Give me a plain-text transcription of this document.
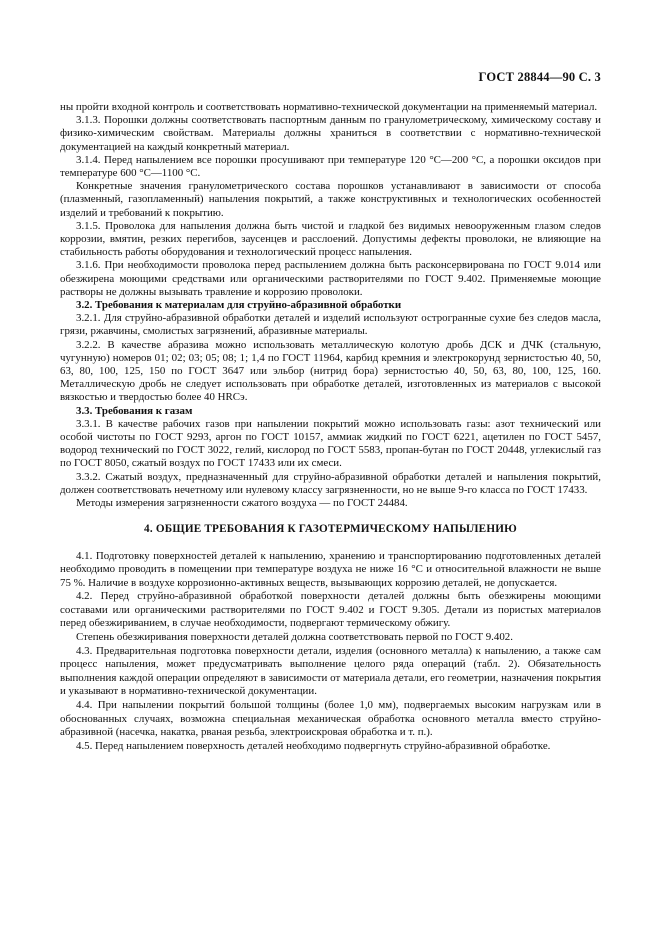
ГОСТ 28844—90 С. 3

ны пройти входной контроль и соответствовать нормативно-технической документации на применяемый материал.

3.1.3. Порошки должны соответствовать паспортным данным по гранулометрическому, химическому составу и физико-химическим свойствам. Материалы должны храниться в соответствии с нормативно-технической документацией на каждый конкретный материал.

3.1.4. Перед напылением все порошки просушивают при температуре 120 °С—200 °С, а порошки оксидов при температуре 600 °С—1100 °С.

Конкретные значения гранулометрического состава порошков устанавливают в зависимости от способа (плазменный, газопламенный) напыления покрытий, а также конструктивных и технологических особенностей изделий и требований к покрытию.

3.1.5. Проволока для напыления должна быть чистой и гладкой без видимых невооруженным глазом следов коррозии, вмятин, резких перегибов, заусенцев и расслоений. Допустимы дефекты проволоки, не влияющие на стабильность работы оборудования и технологический процесс напыления.

3.1.6. При необходимости проволока перед распылением должна быть расконсервирована по ГОСТ 9.014 или обезжирена моющими средствами или органическими растворителями по ГОСТ 9.402. Применяемые моющие растворы не должны вызывать травление и коррозию проволоки.

3.2. Требования к материалам для струйно-абразивной обработки

3.2.1. Для струйно-абразивной обработки деталей и изделий используют острогранные сухие без следов масла, грязи, ржавчины, смолистых загрязнений, абразивные материалы.

3.2.2. В качестве абразива можно использовать металлическую колотую дробь ДСК и ДЧК (стальную, чугунную) номеров 01; 02; 03; 05; 08; 1; 1,4 по ГОСТ 11964, карбид кремния и электрокорунд зернистостью 40, 50, 63, 80, 100, 125, 150 по ГОСТ 3647 или эльбор (нитрид бора) зернистостью 40, 50, 63, 80, 100, 125, 160. Металлическую дробь не следует использовать при обработке деталей, изготовленных из материалов с высокой вязкостью и твердостью более 40 HRCэ.

3.3. Требования к газам

3.3.1. В качестве рабочих газов при напылении покрытий можно использовать газы: азот технический или особой чистоты по ГОСТ 9293, аргон по ГОСТ 10157, аммиак жидкий по ГОСТ 6221, ацетилен по ГОСТ 5457, водород технический по ГОСТ 3022, гелий, кислород по ГОСТ 5583, пропан-бутан по ГОСТ 20448, углекислый газ по ГОСТ 8050, сжатый воздух по ГОСТ 17433 или их смеси.

3.3.2. Сжатый воздух, предназначенный для струйно-абразивной обработки деталей и напыления покрытий, должен соответствовать нечетному или нулевому классу загрязненности, но не выше 9-го класса по ГОСТ 17433.

Методы измерения загрязненности сжатого воздуха — по ГОСТ 24484.

4. ОБЩИЕ ТРЕБОВАНИЯ К ГАЗОТЕРМИЧЕСКОМУ НАПЫЛЕНИЮ

4.1. Подготовку поверхностей деталей к напылению, хранению и транспортированию подготовленных деталей необходимо проводить в помещении при температуре воздуха не ниже 16 °С и относительной влажности не выше 75 %. Наличие в воздухе коррозионно-активных веществ, вызывающих коррозию деталей, не допускается.

4.2. Перед струйно-абразивной обработкой поверхности деталей должны быть обезжирены моющими составами или органическими растворителями по ГОСТ 9.402 и ГОСТ 9.305. Детали из пористых материалов перед обезжириванием, в случае необходимости, подвергают термическому обжигу.

Степень обезжиривания поверхности деталей должна соответствовать первой по ГОСТ 9.402.

4.3. Предварительная подготовка поверхности детали, изделия (основного металла) к напылению, а также сам процесс напыления, может предусматривать выполнение целого ряда операций (табл. 2). Обязательность выполнения каждой операции определяют в зависимости от материала детали, его геометрии, назначения покрытия и указывают в нормативно-технической документации.

4.4. При напылении покрытий большой толщины (более 1,0 мм), подвергаемых высоким нагрузкам или в обоснованных случаях, возможна специальная механическая обработка основного металла вместо струйно-абразивной (насечка, накатка, рваная резьба, электроискровая обработка и т. п.).

4.5. Перед напылением поверхность деталей необходимо подвергнуть струйно-абразивной обработке.
